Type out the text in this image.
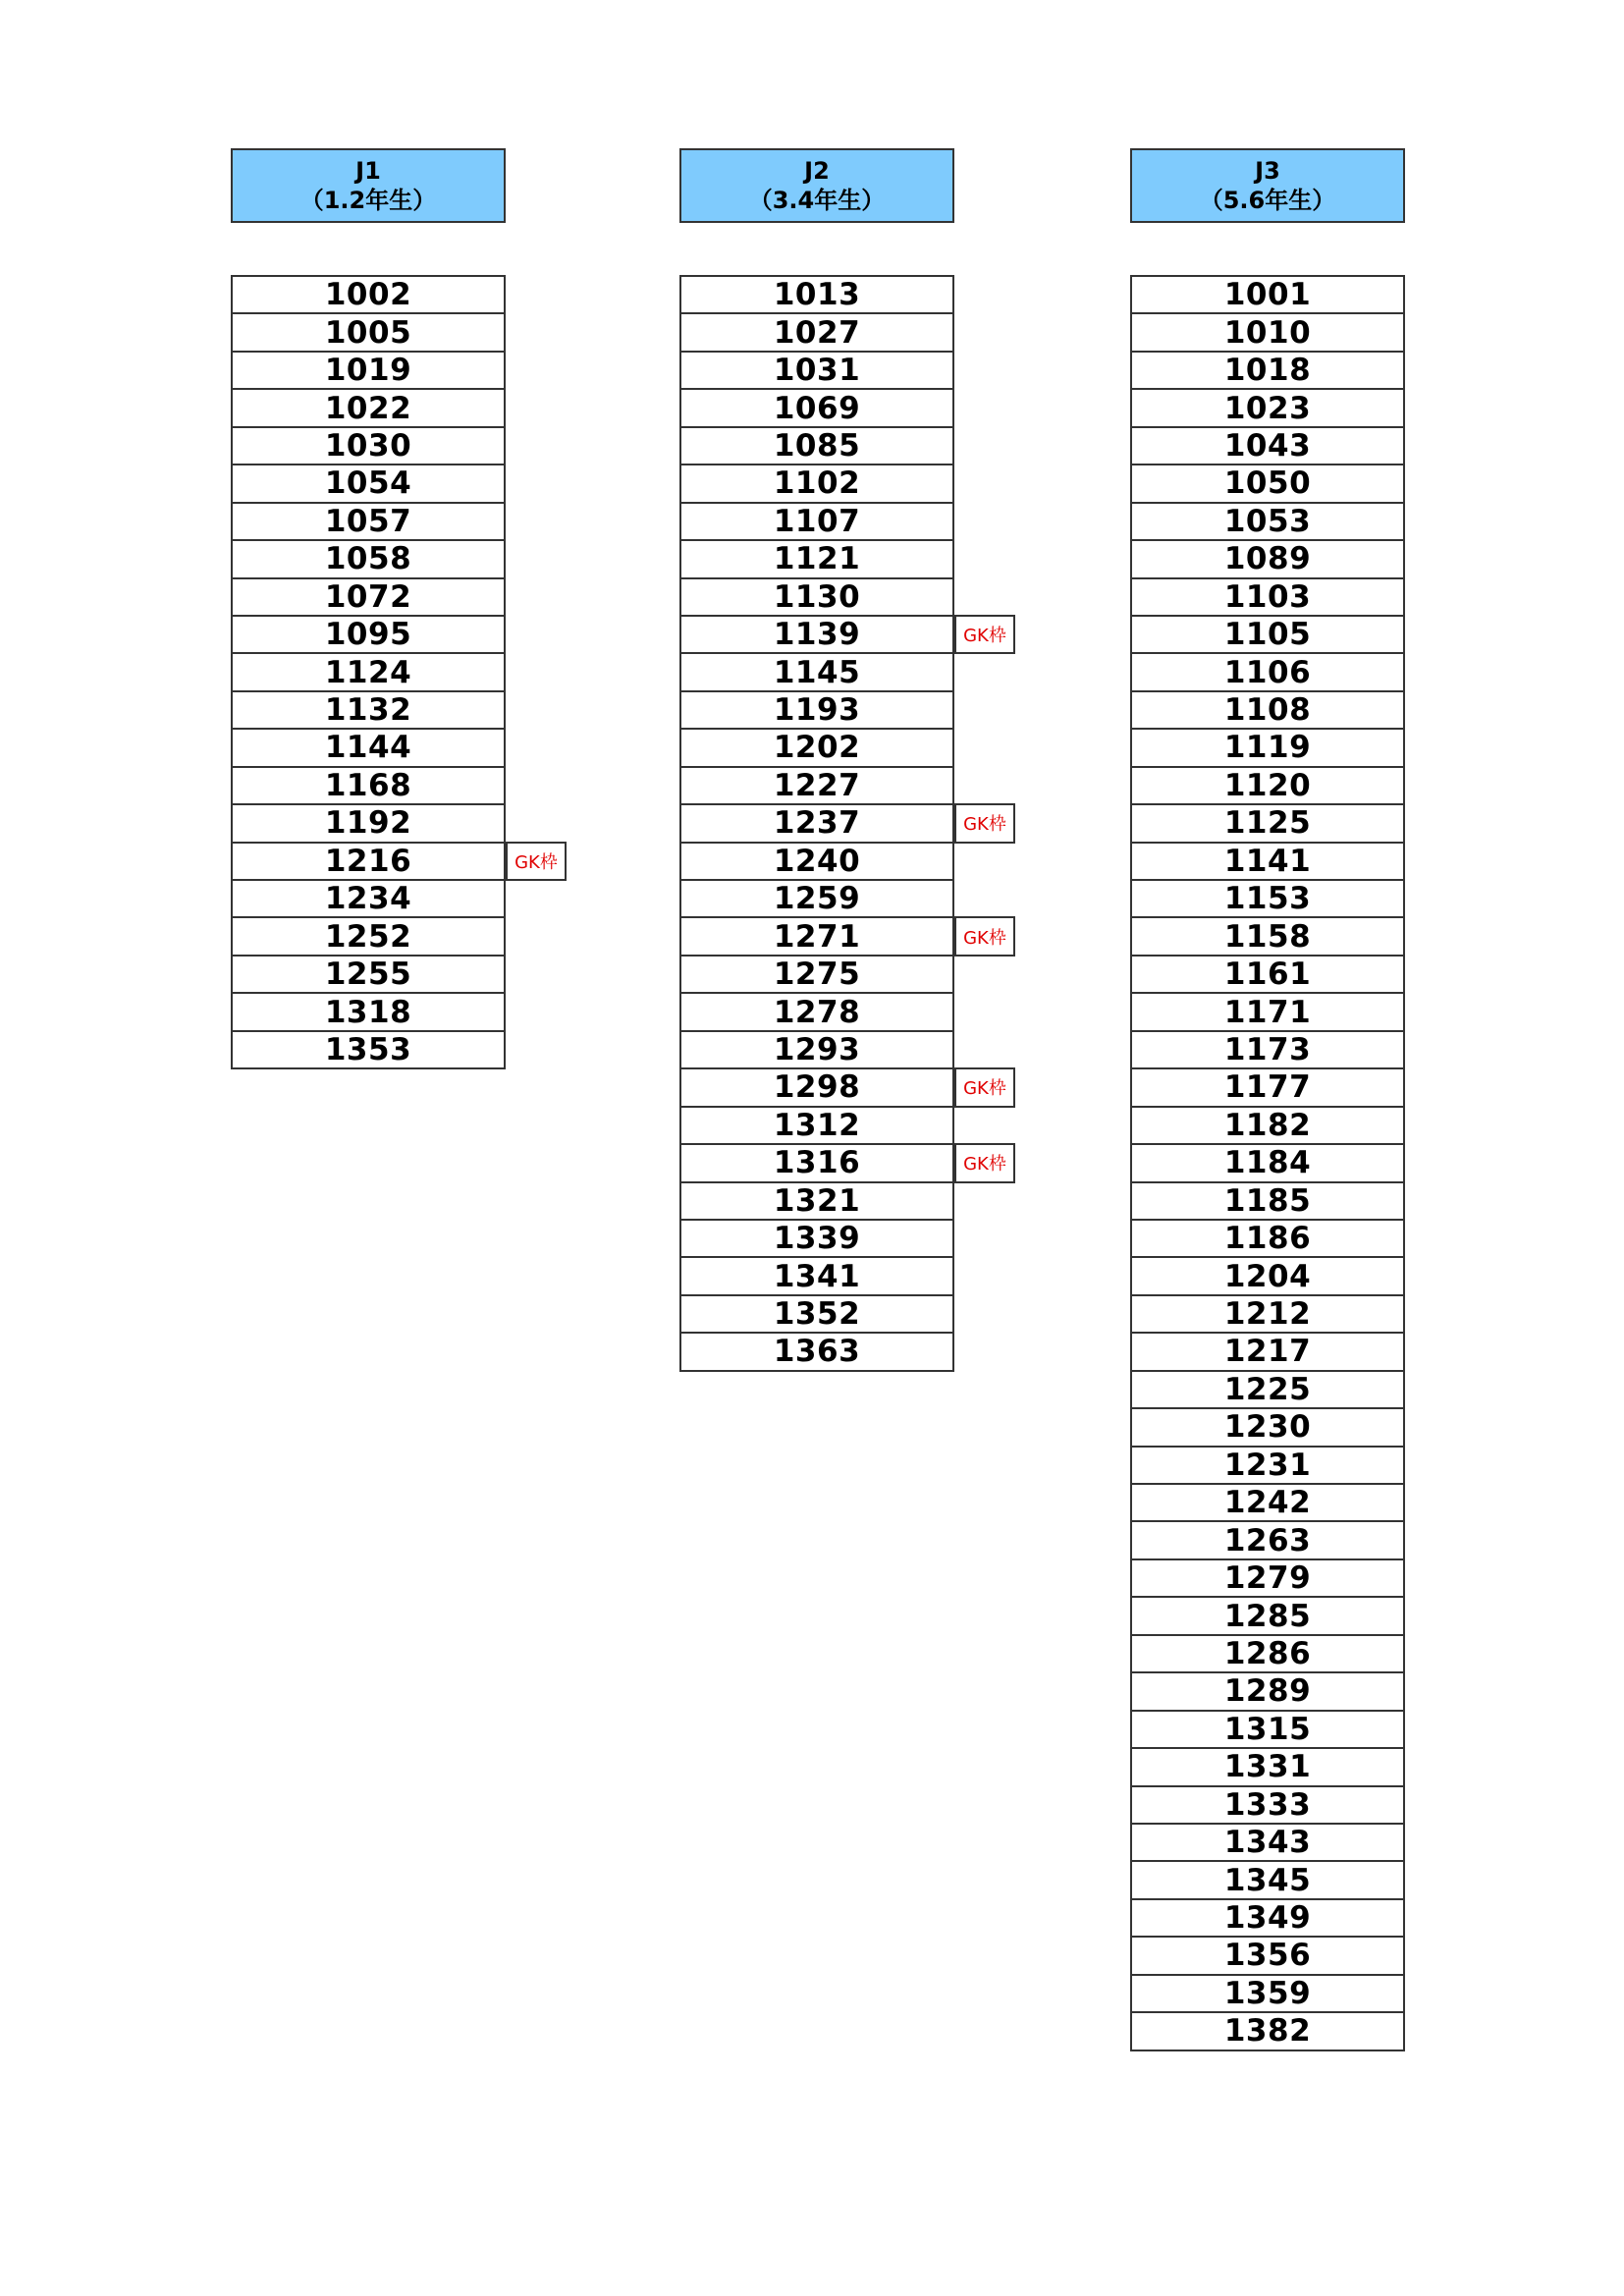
J1
（1.2年生）
1002
1005
1019
1022
1030
1054
1057
1058
1072
1095
1124
1132
1144
1168
1192
1216	GK枠
1234
1252
1255
1318
1353
J2
（3.4年生）
1013
1027
1031
1069
1085
1102
1107
1121
1130
1139	GK枠
1145
1193
1202
1227
1237	GK枠
1240
1259
1271	GK枠
1275
1278
1293
1298	GK枠
1312
1316	GK枠
1321
1339
1341
1352
1363
J3
（5.6年生）
1001
1010
1018
1023
1043
1050
1053
1089
1103
1105
1106
1108
1119
1120
1125
1141
1153
1158
1161
1171
1173
1177
1182
1184
1185
1186
1204
1212
1217
1225
1230
1231
1242
1263
1279
1285
1286
1289
1315
1331
1333
1343
1345
1349
1356
1359
1382
